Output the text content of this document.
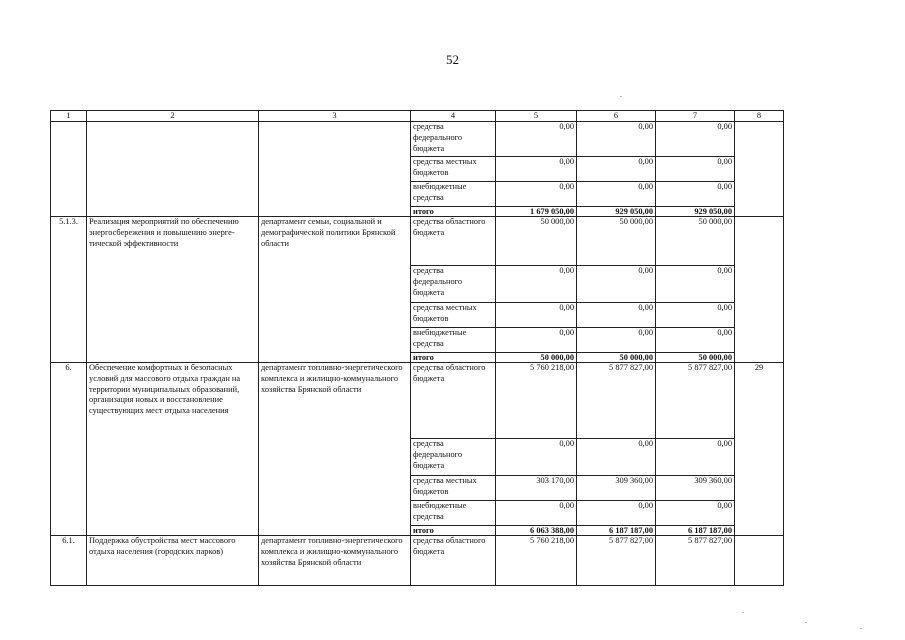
52
1	2	3	4	5	6	7	8
			средства федерального бюджета	0,00	0,00	0,00	
			средства местных бюджетов	0,00	0,00	0,00	
			внебюджетные средства	0,00	0,00	0,00	
			итого	1 679 050,00	929 050,00	929 050,00	
5.1.3.	Реализация мероприятий по обеспечению энергосбережения и повышению энерге-тической эффективности	департамент семьи, социальной и демографической политики Брянской области	средства областного бюджета	50 000,00	50 000,00	50 000,00	
			средства федерального бюджета	0,00	0,00	0,00	
			средства местных бюджетов	0,00	0,00	0,00	
			внебюджетные средства	0,00	0,00	0,00	
			итого	50 000,00	50 000,00	50 000,00	
6.	Обеспечение комфортных и безопасных условий для массового отдыха граждан на территории муниципальных образований, организация новых и восстановление существующих мест отдыха населения	департамент топливно-энергетического комплекса и жилищно-коммунального хозяйства Брянской области	средства областного бюджета	5 760 218,00	5 877 827,00	5 877 827,00	29
			средства федерального бюджета	0,00	0,00	0,00	
			средства местных бюджетов	303 170,00	309 360,00	309 360,00	
			внебюджетные средства	0,00	0,00	0,00	
			итого	6 063 388,00	6 187 187,00	6 187 187,00	
6.1.	Поддержка обустройства мест массового отдыха населения (городских парков)	департамент топливно-энергетического комплекса и жилищно-коммунального хозяйства Брянской области	средства областного бюджета	5 760 218,00	5 877 827,00	5 877 827,00	
